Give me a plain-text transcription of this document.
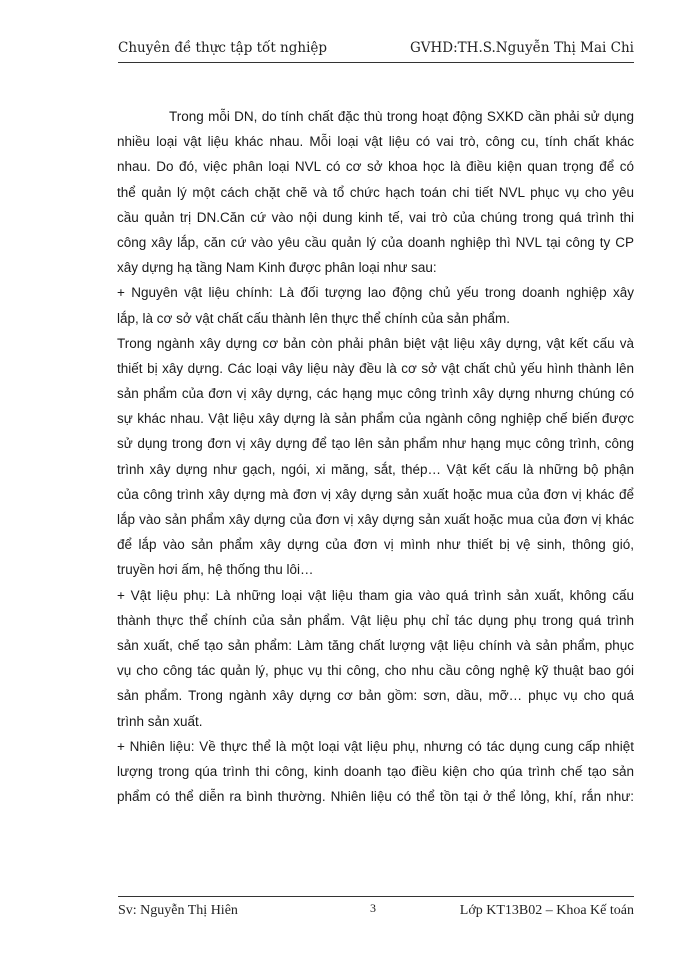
Chuyên đề thực tập tốt nghiệp	GVHD:TH.S.Nguyễn Thị Mai Chi
Trong mỗi DN, do tính chất đặc thù trong hoạt động SXKD cần phải sử dụng
nhiều loại vật liệu khác nhau. Mỗi loại vật liệu có vai trò, công cu, tính chất khác
nhau. Do đó, việc phân loại NVL có cơ sở khoa học là điều kiện quan trọng để có
thể quản lý một cách chặt chẽ và tổ chức hạch toán chi tiết NVL phục vụ cho yêu
cầu quản trị DN.Căn cứ vào nội dung kinh tế, vai trò của chúng trong quá trình thi
công xây lắp, căn cứ vào yêu cầu quản lý của doanh nghiệp thì NVL tại công ty CP
xây dựng hạ tầng Nam Kinh được phân loại như sau:
+ Nguyên vật liệu chính: Là đối tượng lao động chủ yếu trong doanh nghiệp xây
lắp, là cơ sở vật chất cấu thành lên thực thể chính của sản phẩm.
Trong ngành xây dựng cơ bản còn phải phân biệt vật liệu xây dựng, vật kết cấu và
thiết bị xây dựng. Các loại vây liệu này đều là cơ sở vật chất chủ yếu hình thành lên
sản phẩm của đơn vị xây dựng, các hạng mục công trình xây dựng nhưng chúng có
sự khác nhau. Vật liệu xây dựng là sản phẩm của ngành công nghiệp chế biến được
sử dụng trong đơn vị xây dựng để tạo lên sản phẩm như hạng mục công trình, công
trình xây dựng như gạch, ngói, xi măng, sắt, thép… Vật kết cấu là những bộ phận
của công trình xây dựng mà đơn vị xây dựng sản xuất hoặc mua của đơn vị khác để
lắp vào sản phẩm xây dựng của đơn vị xây dựng sản xuất hoặc mua của đơn vị khác
để lắp vào sản phẩm xây dựng của đơn vị mình như thiết bị vệ sinh, thông gió,
truyền hơi ấm, hệ thống thu lôi…
+ Vật liệu phụ: Là những loại vật liệu tham gia vào quá trình sản xuất, không cấu
thành thực thể chính của sản phẩm. Vật liệu phụ chỉ tác dụng phụ trong quá trình
sản xuất, chế tạo sản phẩm: Làm tăng chất lượng vật liệu chính và sản phẩm, phục
vụ cho công tác quản lý, phục vụ thi công, cho nhu cầu công nghệ kỹ thuật bao gói
sản phẩm. Trong ngành xây dựng cơ bản gồm: sơn, dầu, mỡ… phục vụ cho quá
trình sản xuất.
+ Nhiên liệu: Về thực thể là một loại vật liệu phụ, nhưng có tác dụng cung cấp nhiệt
lượng trong qúa trình thi công, kinh doanh tạo điều kiện cho qúa trình chế tạo sản
phẩm có thể diễn ra bình thường. Nhiên liệu có thể tồn tại ở thể lỏng, khí, rắn như:
Sv: Nguyễn Thị Hiên	3	Lớp KT13B02 – Khoa Kế toán
